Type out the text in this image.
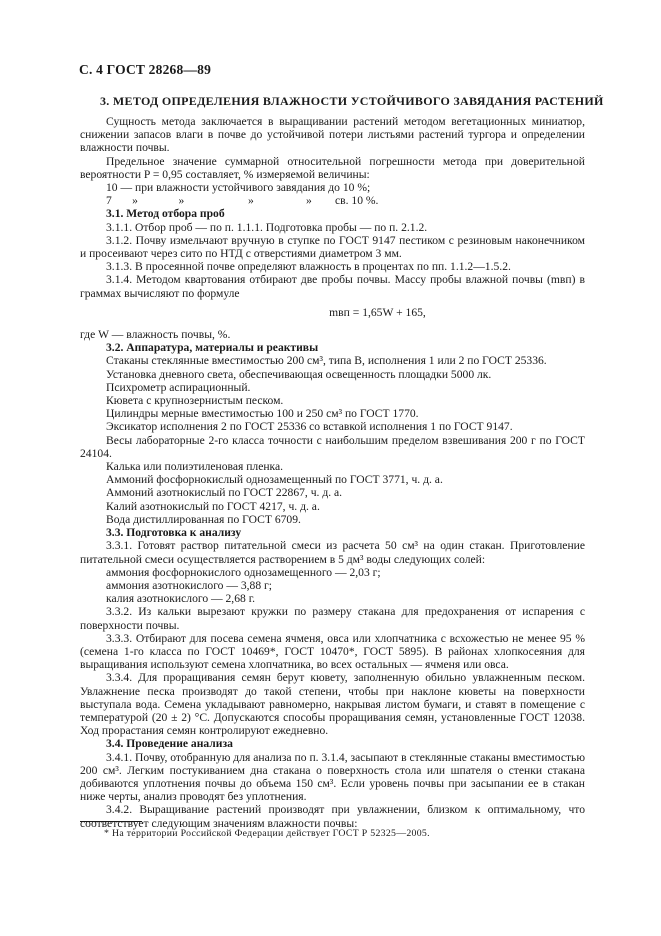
С. 4 ГОСТ 28268—89
3. МЕТОД ОПРЕДЕЛЕНИЯ ВЛАЖНОСТИ УСТОЙЧИВОГО ЗАВЯДАНИЯ РАСТЕНИЙ

Сущность метода заключается в выращивании растений методом вегетационных миниатюр, снижении запасов влаги в почве до устойчивой потери листьями растений тургора и определении влажности почвы.

Предельное значение суммарной относительной погрешности метода при доверительной вероятности P = 0,95 составляет, % измеряемой величины:

10 — при влажности устойчивого завядания до 10 %;

7       »              »                      »                  »        св. 10 %.

3.1. Метод отбора проб

3.1.1. Отбор проб — по п. 1.1.1. Подготовка пробы — по п. 2.1.2.

3.1.2. Почву измельчают вручную в ступке по ГОСТ 9147 пестиком с резиновым наконечником и просеивают через сито по НТД с отверстиями диаметром 3 мм.

3.1.3. В просеянной почве определяют влажность в процентах по пп. 1.1.2—1.5.2.

3.1.4. Методом квартования отбирают две пробы почвы. Массу пробы влажной почвы (mвп) в граммах вычисляют по формуле

mвп = 1,65W + 165,

где W — влажность почвы, %.

3.2. Аппаратура, материалы и реактивы

Стаканы стеклянные вместимостью 200 см³, типа В, исполнения 1 или 2 по ГОСТ 25336.

Установка дневного света, обеспечивающая освещенность площадки 5000 лк.

Психрометр аспирационный.

Кювета с крупнозернистым песком.

Цилиндры мерные вместимостью 100 и 250 см³ по ГОСТ 1770.

Эксикатор исполнения 2 по ГОСТ 25336 со вставкой исполнения 1 по ГОСТ 9147.

Весы лабораторные 2-го класса точности с наибольшим пределом взвешивания 200 г по ГОСТ 24104.

Калька или полиэтиленовая пленка.

Аммоний фосфорнокислый однозамещенный по ГОСТ 3771, ч. д. а.

Аммоний азотнокислый по ГОСТ 22867, ч. д. а.

Калий азотнокислый по ГОСТ 4217, ч. д. а.

Вода дистиллированная по ГОСТ 6709.

3.3. Подготовка к анализу

3.3.1. Готовят раствор питательной смеси из расчета 50 см³ на один стакан. Приготовление питательной смеси осуществляется растворением в 5 дм³ воды следующих солей:

аммония фосфорнокислого однозамещенного — 2,03 г;

аммония азотнокислого — 3,88 г;

калия азотнокислого — 2,68 г.

3.3.2. Из кальки вырезают кружки по размеру стакана для предохранения от испарения с поверхности почвы.

3.3.3. Отбирают для посева семена ячменя, овса или хлопчатника с всхожестью не менее 95 % (семена 1-го класса по ГОСТ 10469*, ГОСТ 10470*, ГОСТ 5895). В районах хлопкосеяния для выращивания используют семена хлопчатника, во всех остальных — ячменя или овса.

3.3.4. Для проращивания семян берут кювету, заполненную обильно увлажненным песком. Увлажнение песка производят до такой степени, чтобы при наклоне кюветы на поверхности выступала вода. Семена укладывают равномерно, накрывая листом бумаги, и ставят в помещение с температурой (20 ± 2) °С. Допускаются способы проращивания семян, установленные ГОСТ 12038. Ход прорастания семян контролируют ежедневно.

3.4. Проведение анализа

3.4.1. Почву, отобранную для анализа по п. 3.1.4, засыпают в стеклянные стаканы вместимостью 200 см³. Легким постукиванием дна стакана о поверхность стола или шпателя о стенки стакана добиваются уплотнения почвы до объема 150 см³. Если уровень почвы при засыпании ее в стакан ниже черты, анализ проводят без уплотнения.

3.4.2. Выращивание растений производят при увлажнении, близком к оптимальному, что соответствует следующим значениям влажности почвы:

* На территории Российской Федерации действует ГОСТ Р 52325—2005.
